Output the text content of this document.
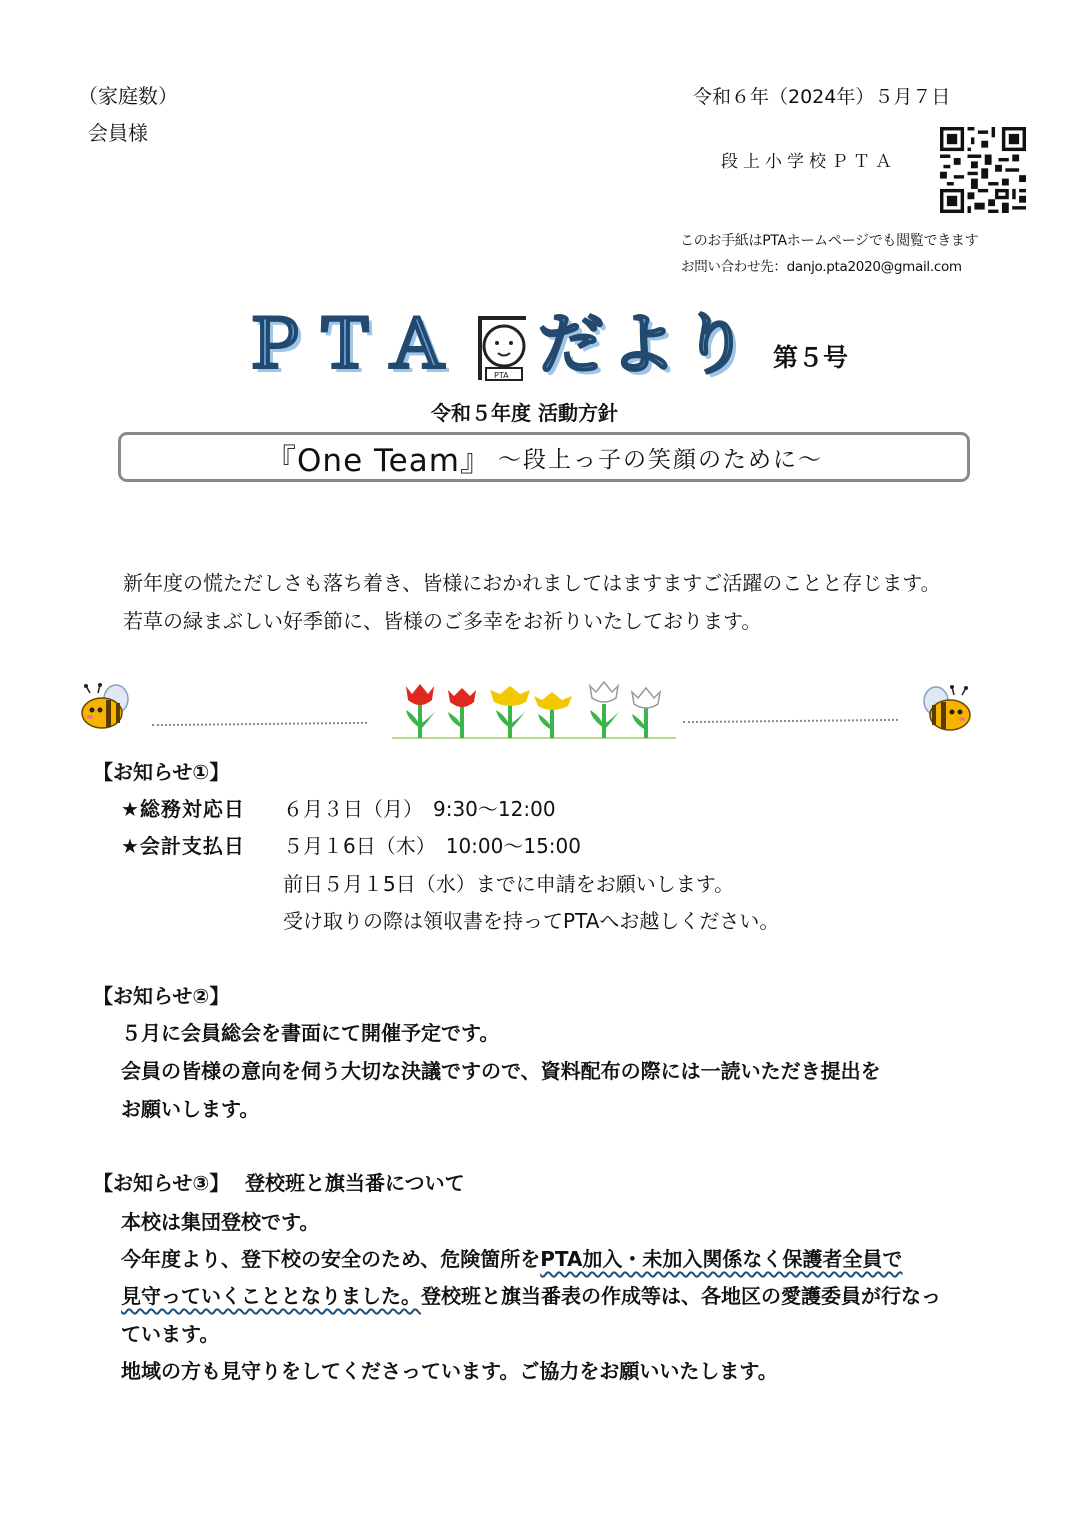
（家庭数）
会員様
令和６年（2024年）５月７日
段上小学校ＰＴＡ
このお手紙はPTAホームページでも閲覧できます
お問い合わせ先：danjo.pta2020@gmail.com
ＰＴＡ	PTA だより 第５号
令和５年度 活動方針
『One Team』 〜段上っ子の笑顔のために〜
新年度の慌ただしさも落ち着き、皆様におかれましてはますますご活躍のことと存じます。
若草の緑まぶしい好季節に、皆様のご多幸をお祈りいたしております。
【お知らせ①】
★総務対応日 ６月３日（月）　9:30〜12:00
★会計支払日 ５月１6日（木）　10:00〜15:00
前日５月１5日（水）までに申請をお願いします。
受け取りの際は領収書を持ってPTAへお越しください。
【お知らせ②】
５月に会員総会を書面にて開催予定です。
会員の皆様の意向を伺う大切な決議ですので、資料配布の際には一読いただき提出を
お願いします。
【お知らせ③】 登校班と旗当番について
本校は集団登校です。
今年度より、登下校の安全のため、危険箇所をPTA加入・未加入関係なく保護者全員で
見守っていくこととなりました。登校班と旗当番表の作成等は、各地区の愛護委員が行なっ
ています。
地域の方も見守りをしてくださっています。ご協力をお願いいたします。
